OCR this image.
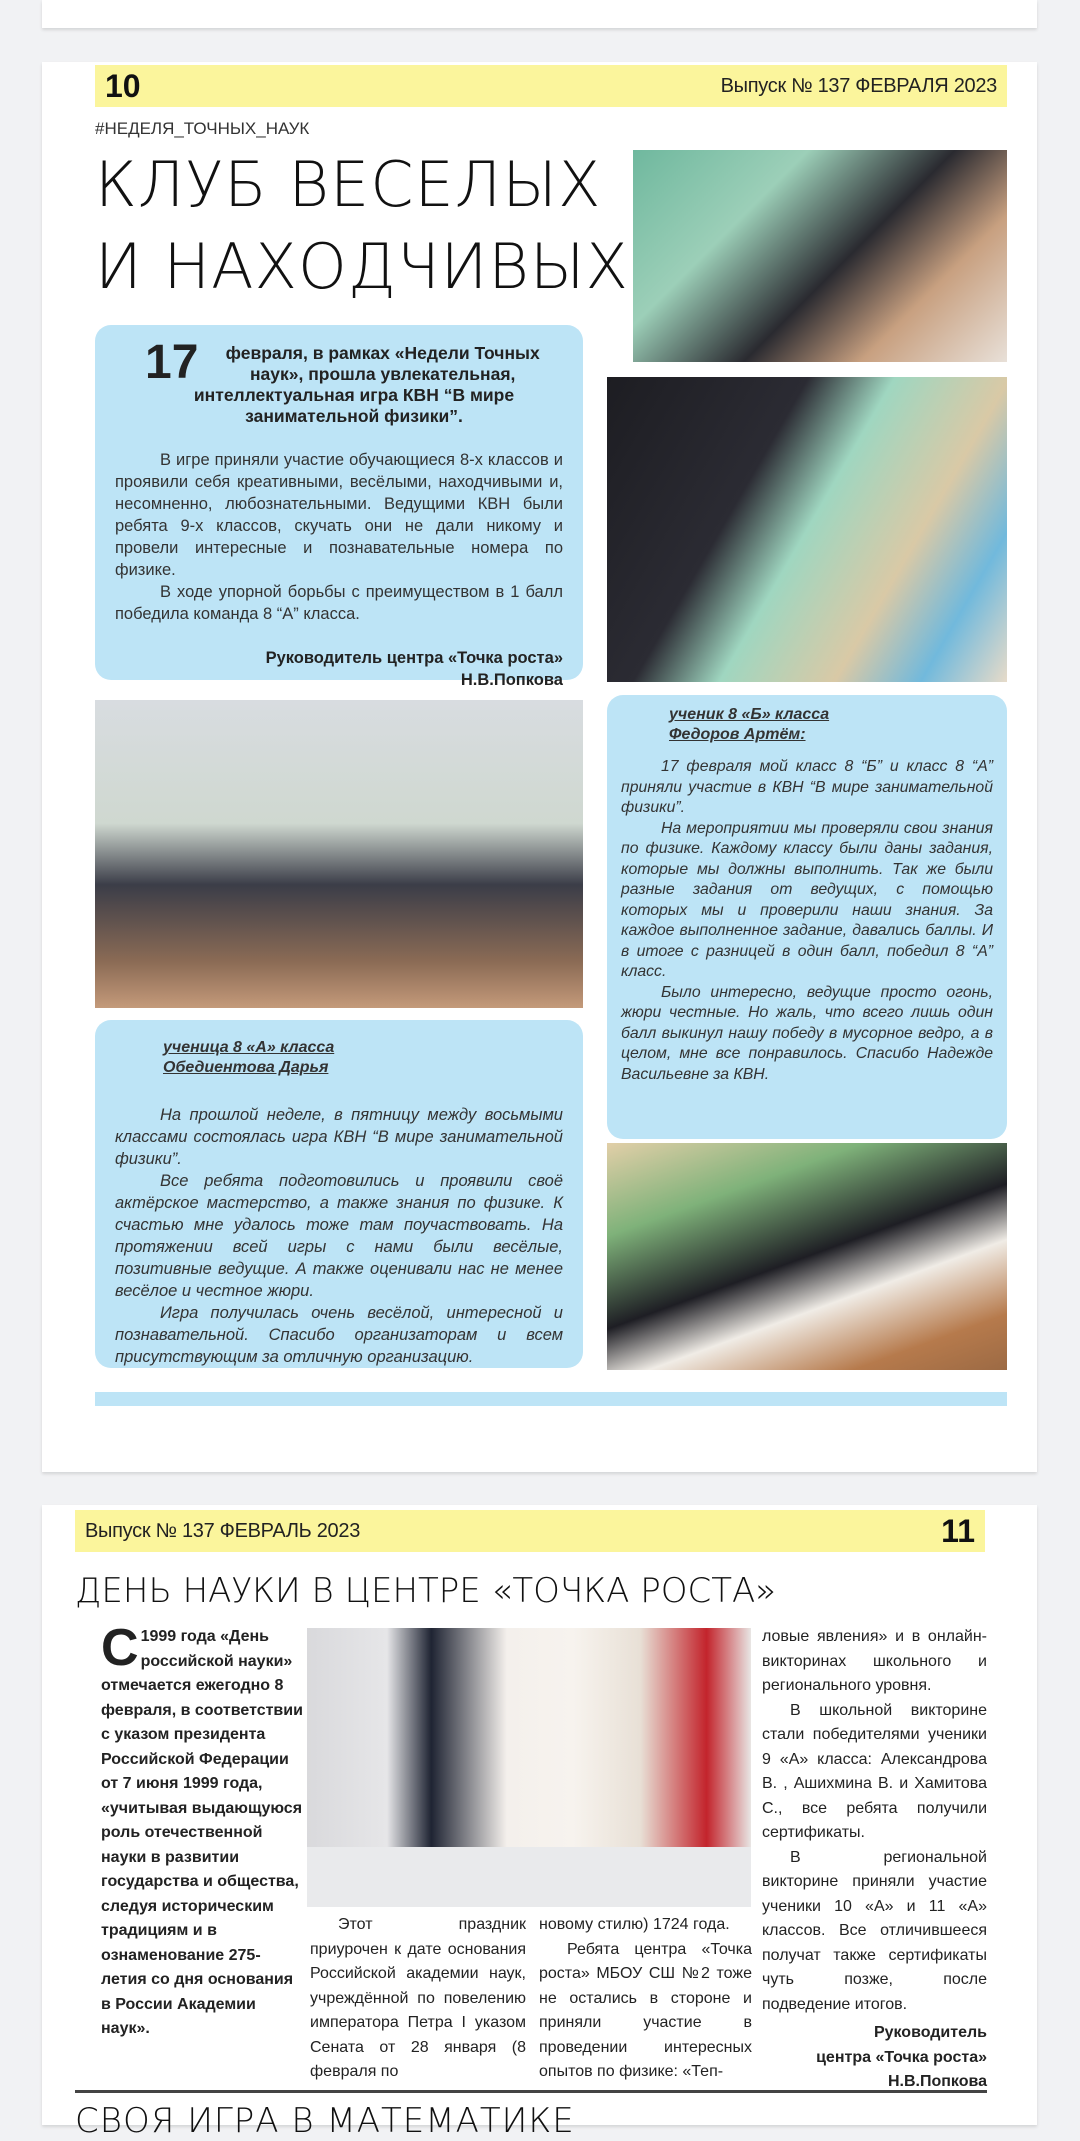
10	Выпуск № 137 ФЕВРАЛЯ 2023
#НЕДЕЛЯ_ТОЧНЫХ_НАУК
КЛУБ ВЕСЕЛЫХ
И НАХОДЧИВЫХ
17 февраля, в рамках «Недели Точных наук», прошла увлекательная, интеллектуальная игра КВН “В мире занимательной физики”.

В игре приняли участие обучающиеся 8-х классов и проявили себя креативными, весёлыми, находчивыми и, несомненно, любознательными. Ведущими КВН были ребята 9-х классов, скучать они не дали никому и провели интересные и познавательные номера по физике.

В ходе упорной борьбы с преимуществом в 1 балл победила команда 8 “А” класса.

Руководитель центра «Точка роста»
Н.В.Попкова
ученик 8 «Б» класса
Федоров Артём:

17 февраля мой класс 8 “Б” и класс 8 “А” приняли участие в КВН “В мире занимательной физики”.

На мероприятии мы проверяли свои знания по физике. Каждому классу были даны задания, которые мы должны выполнить. Так же были разные задания от ведущих, с помощью которых мы и проверили наши знания. За каждое выполненное задание, давались баллы. И в итоге с разницей в один балл, победил 8 “А” класс.

Было интересно, ведущие просто огонь, жюри честные. Но жаль, что всего лишь один балл выкинул нашу победу в мусорное ведро, а в целом, мне все понравилось. Спасибо Надежде Васильевне за КВН.

ученица 8 «А» класса
Обедиентова Дарья

На прошлой неделе, в пятницу между восьмыми классами состоялась игра КВН “В мире занимательной физики”.

Все ребята подготовились и проявили своё актёрское мастерство, а также знания по физике. К счастью мне удалось тоже там поучаствовать. На протяжении всей игры с нами были весёлые, позитивные ведущие. А также оценивали нас не менее весёлое и честное жюри.

Игра получилась очень весёлой, интересной и познавательной. Спасибо организаторам и всем присутствующим за отличную организацию.

Выпуск № 137 ФЕВРАЛЬ 2023	11
ДЕНЬ НАУКИ В ЦЕНТРЕ «ТОЧКА РОСТА»
С 1999 года «День российской науки» отмечается ежегодно 8 февраля, в соответствии с указом президента Российской Федерации от 7 июня 1999 года, «учитывая выдающуюся роль отечественной науки в развитии государства и общества, следуя историческим традициям и в ознаменование 275-летия со дня основания в России Академии наук».

Этот праздник приурочен к дате основания Российской академии наук, учреждённой по повелению императора Петра I указом Сената от 28 января (8 февраля по

новому стилю) 1724 года.

Ребята центра «Точка роста» МБОУ СШ №2 тоже не остались в стороне и приняли участие в проведении интересных опытов по физике: «Теп-

ловые явления» и в онлайн-викторинах школьного и регионального уровня.

В школьной викторине стали победителями ученики 9 «А» класса: Александрова В. , Ашихмина В. и Хамитова С., все ребята получили сертификаты.

В региональной викторине приняли участие ученики 10 «А» и 11 «А» классов. Все отличившееся получат также сертификаты чуть позже, после подведение итогов.

Руководитель
центра «Точка роста»
Н.В.Попкова
СВОЯ ИГРА В МАТЕМАТИКЕ
